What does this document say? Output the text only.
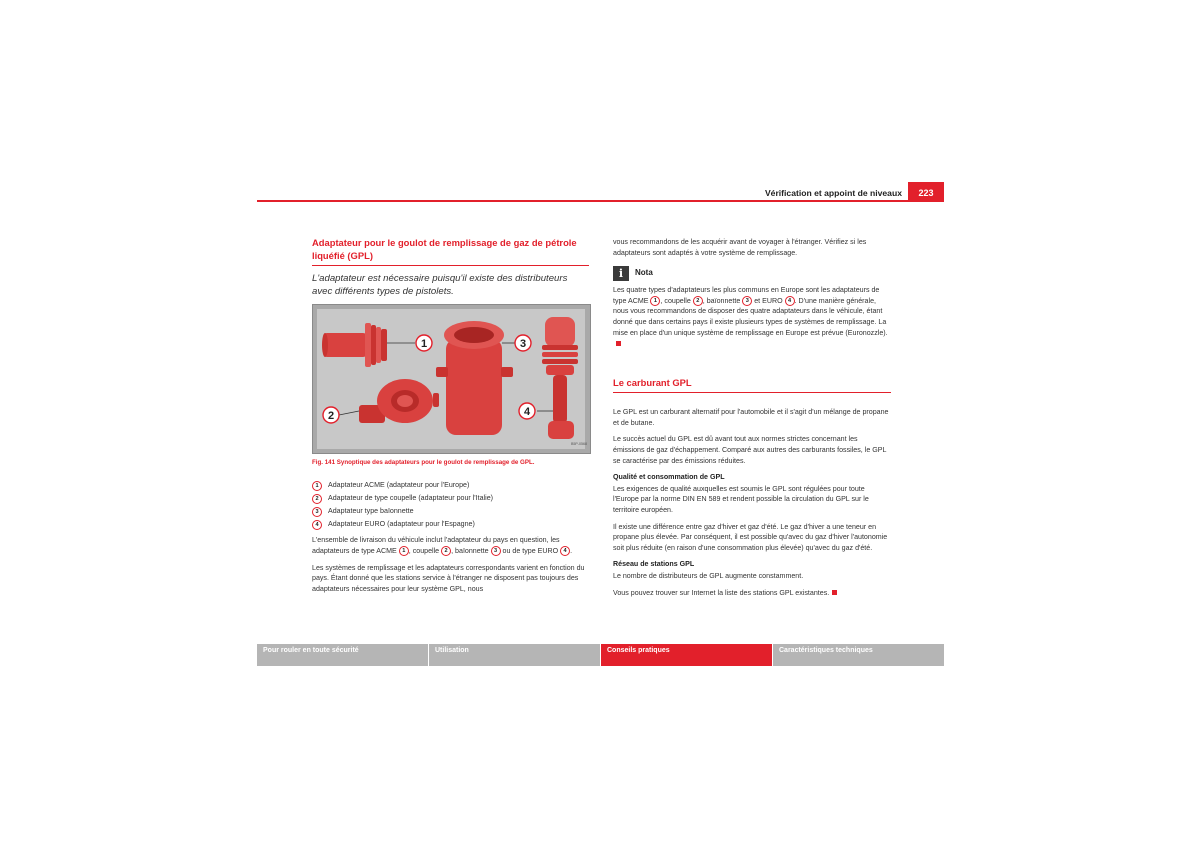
Vérification et appoint de niveaux	223
Adaptateur pour le goulot de remplissage de gaz de pétrole liquéfié (GPL)

L'adaptateur est nécessaire puisqu'il existe des distributeurs avec différents types de pistolets.

1
2
3
4
B5P-0568
Fig. 141 Synoptique des adaptateurs pour le goulot de remplissage de GPL.
1	Adaptateur ACME (adaptateur pour l'Europe)
2	Adaptateur de type coupelle (adaptateur pour l'Italie)
3	Adaptateur type baïonnette
4	Adaptateur EURO (adaptateur pour l'Espagne)

L'ensemble de livraison du véhicule inclut l'adaptateur du pays en question, les adaptateurs de type ACME 1 , coupelle 2 , baïonnette 3 ou de type EURO 4 .

Les systèmes de remplissage et les adaptateurs correspondants varient en fonction du pays. Étant donné que les stations service à l'étranger ne disposent pas toujours des adaptateurs nécessaires pour leur système GPL, nous

vous recommandons de les acquérir avant de voyager à l'étranger. Vérifiez si les adaptateurs sont adaptés à votre système de remplissage.

i	Nota

Les quatre types d'adaptateurs les plus communs en Europe sont les adaptateurs de type ACME 1 , coupelle 2 , baïonnette 3 et EURO 4 . D'une manière générale, nous vous recommandons de disposer des quatre adaptateurs dans le véhicule, étant donné que dans certains pays il existe plusieurs types de systèmes de remplissage. La mise en place d'un unique système de remplissage en Europe est prévue (Euronozzle).

Le carburant GPL

Le GPL est un carburant alternatif pour l'automobile et il s'agit d'un mélange de propane et de butane.

Le succès actuel du GPL est dû avant tout aux normes strictes concernant les émissions de gaz d'échappement. Comparé aux autres des carburants fossiles, le GPL se caractérise par des émissions réduites.

Qualité et consommation de GPL

Les exigences de qualité auxquelles est soumis le GPL sont régulées pour toute l'Europe par la norme DIN EN 589 et rendent possible la circulation du GPL sur le territoire européen.

Il existe une différence entre gaz d'hiver et gaz d'été. Le gaz d'hiver a une teneur en propane plus élevée. Par conséquent, il est possible qu'avec du gaz d'hiver l'autonomie soit plus réduite (en raison d'une consommation plus élevée) qu'avec du gaz d'été.

Réseau de stations GPL

Le nombre de distributeurs de GPL augmente constamment.

Vous pouvez trouver sur Internet la liste des stations GPL existantes.

Pour rouler en toute sécurité	Utilisation	Conseils pratiques	Caractéristiques techniques
